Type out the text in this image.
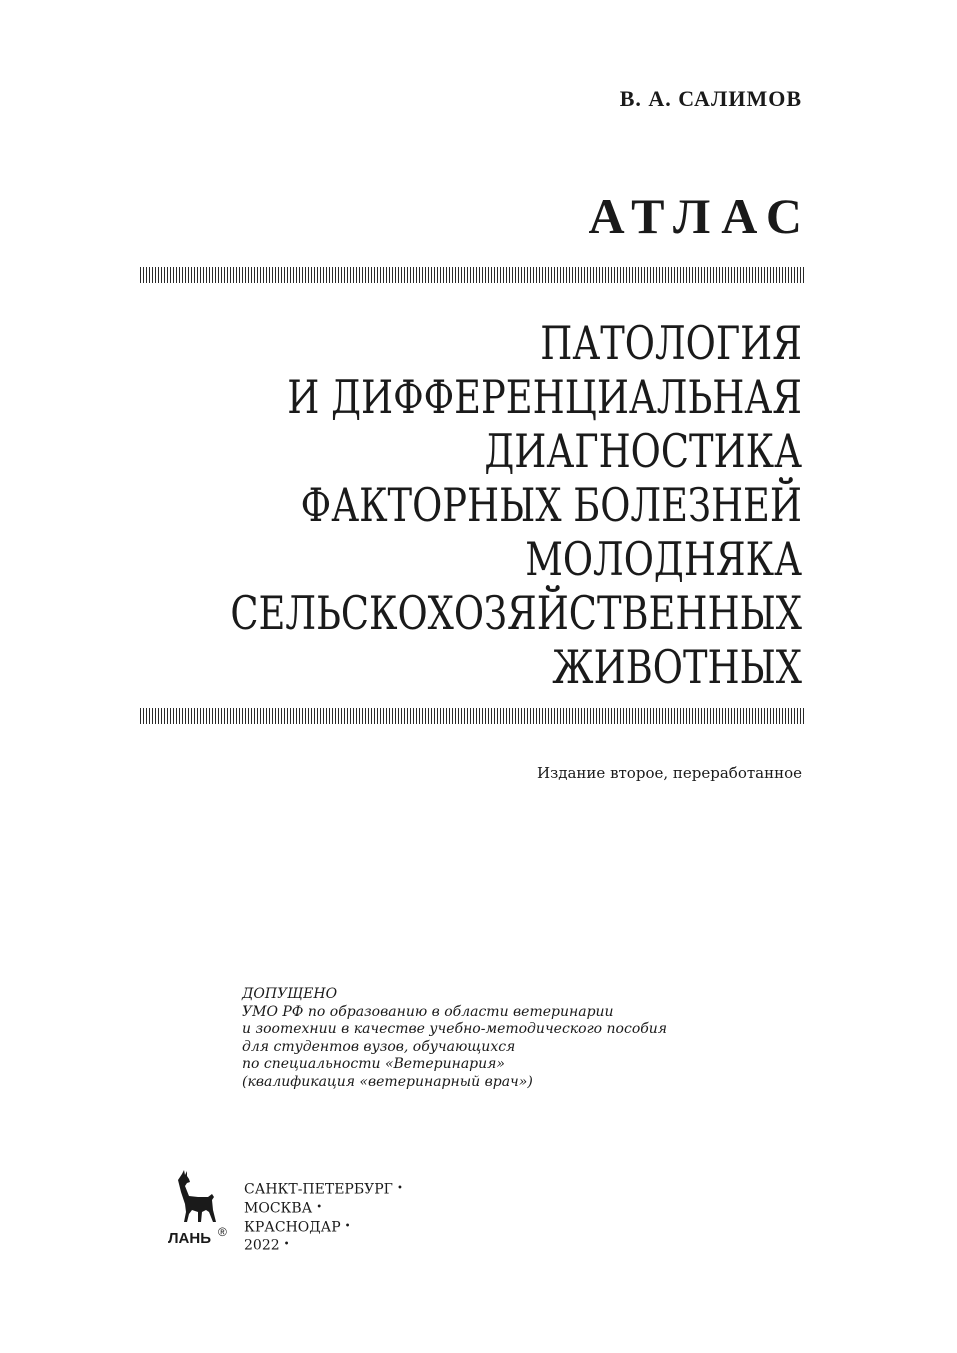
В. А. САЛИМОВ
АТЛАС
ПАТОЛОГИЯ
И ДИФФЕРЕНЦИАЛЬНАЯ
ДИАГНОСТИКА
ФАКТОРНЫХ БОЛЕЗНЕЙ
МОЛОДНЯКА
СЕЛЬСКОХОЗЯЙСТВЕННЫХ
ЖИВОТНЫХ
Издание второе, переработанное
ДОПУЩЕНО
УМО РФ по образованию в области ветеринарии
и зоотехнии в качестве учебно-методического пособия
для студентов вузов, обучающихся
по специальности «Ветеринария»
(квалификация «ветеринарный врач»)
ЛАНЬ ®
САНКТ-ПЕТЕРБУРГ •
МОСКВА •
КРАСНОДАР •
2022 •
